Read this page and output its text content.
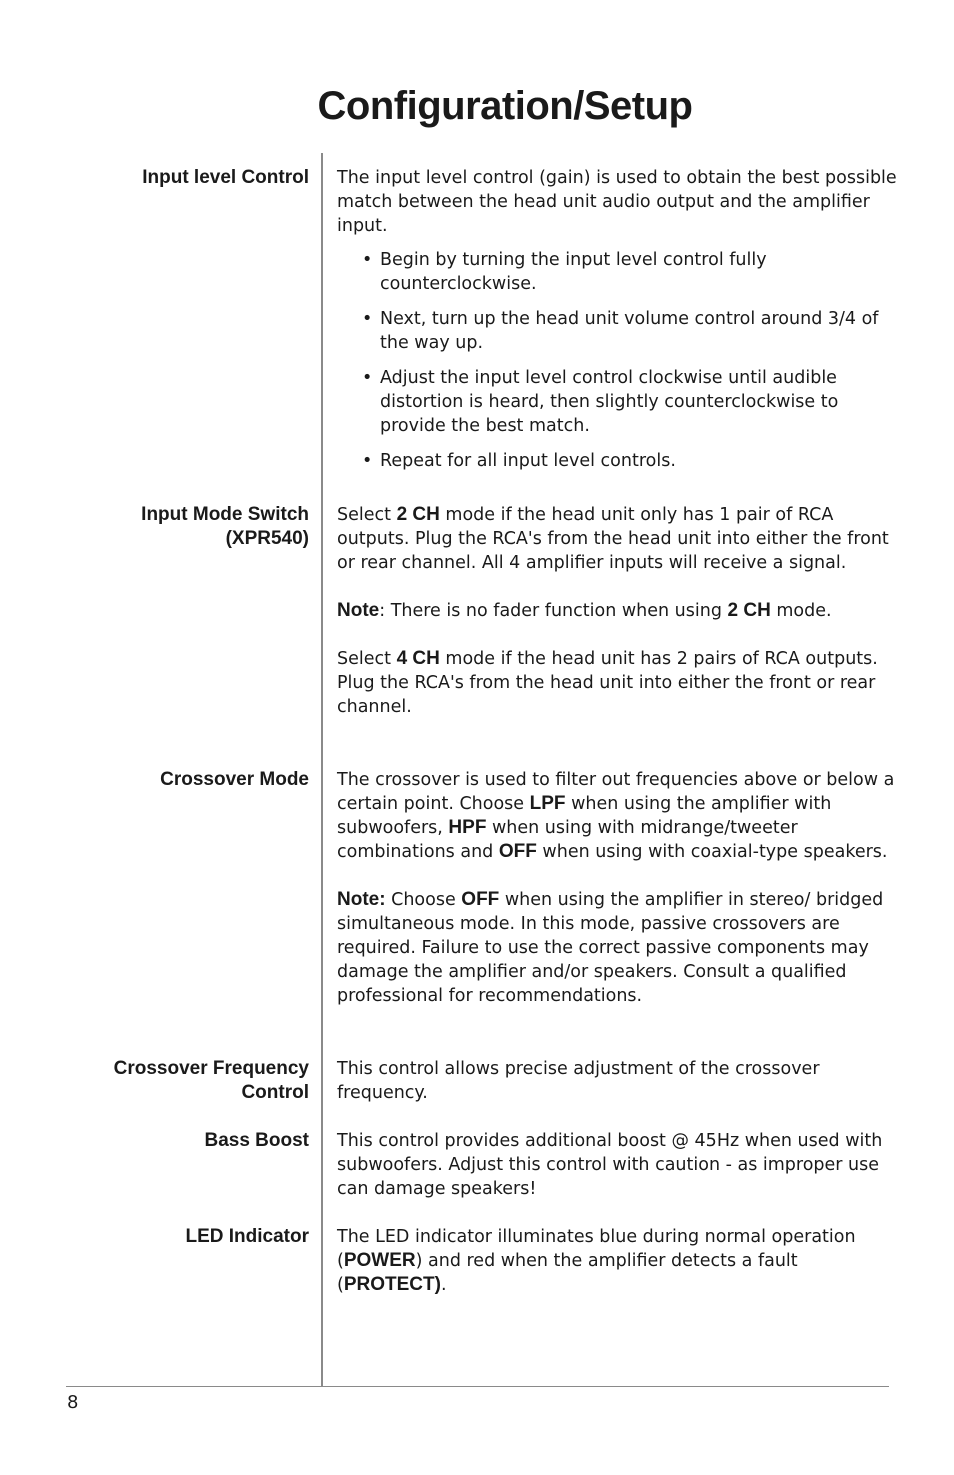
Configuration/Setup
Input level Control The input level control (gain) is used to obtain the best possible match between the head unit audio output and the amplifier input.

• Begin by turning the input level control fully counterclockwise.
• Next, turn up the head unit volume control around 3/4 of the way up.
• Adjust the input level control clockwise until audible distortion is heard, then slightly counterclockwise to provide the best match.
• Repeat for all input level controls.
Input Mode Switch
(XPR540)

Select 2 CH mode if the head unit only has 1 pair of RCA outputs. Plug the RCA's from the head unit into either the front or rear channel. All 4 amplifier inputs will receive a signal.

Note: There is no fader function when using 2 CH mode.

Select 4 CH mode if the head unit has 2 pairs of RCA outputs. Plug the RCA's from the head unit into either the front or rear channel.

Crossover Mode The crossover is used to filter out frequencies above or below a certain point. Choose LPF when using the amplifier with subwoofers, HPF when using with midrange/tweeter combinations and OFF when using with coaxial-type speakers.

Note: Choose OFF when using the amplifier in stereo/ bridged simultaneous mode. In this mode, passive crossovers are required. Failure to use the correct passive components may damage the amplifier and/or speakers. Consult a qualified professional for recommendations.

Crossover Frequency
Control

This control allows precise adjustment of the crossover frequency.

Bass Boost This control provides additional boost @ 45Hz when used with subwoofers. Adjust this control with caution - as improper use can damage speakers!

LED Indicator The LED indicator illuminates blue during normal operation (POWER) and red when the amplifier detects a fault (PROTECT).

8
